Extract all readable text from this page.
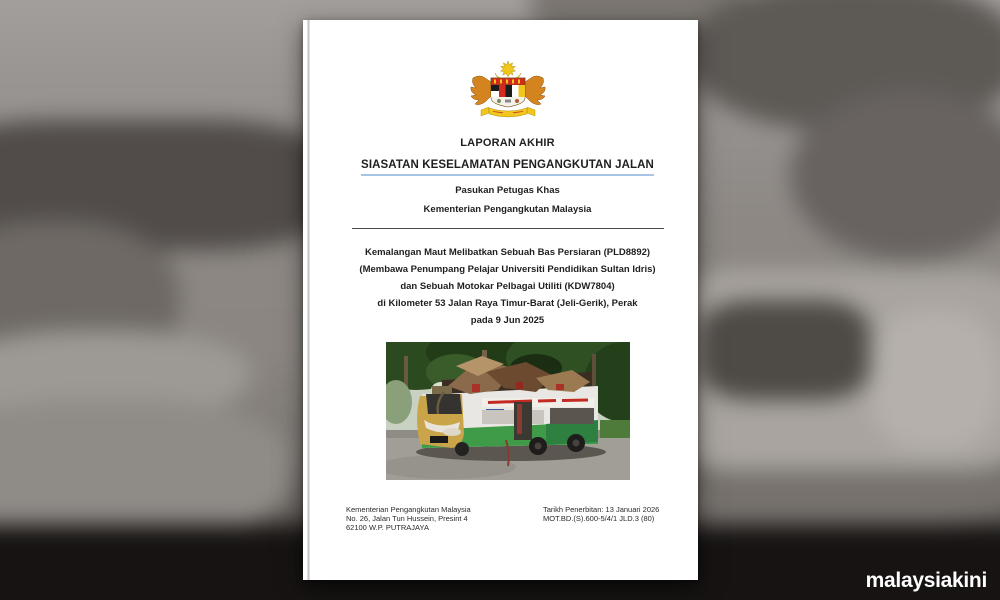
LAPORAN AKHIR
SIASATAN KESELAMATAN PENGANGKUTAN JALAN
Pasukan Petugas Khas
Kementerian Pengangkutan Malaysia
Kemalangan Maut Melibatkan Sebuah Bas Persiaran (PLD8892)
(Membawa Penumpang Pelajar Universiti Pendidikan Sultan Idris)
dan Sebuah Motokar Pelbagai Utiliti (KDW7804)
di Kilometer 53 Jalan Raya Timur-Barat (Jeli-Gerik), Perak
pada 9 Jun 2025
Kementerian Pengangkutan Malaysia
No. 26, Jalan Tun Hussein, Presint 4
62100 W.P. PUTRAJAYA
Tarikh Penerbitan: 13 Januari 2026
MOT.BD.(S).600-5/4/1 JLD.3 (80)
malaysiakini
